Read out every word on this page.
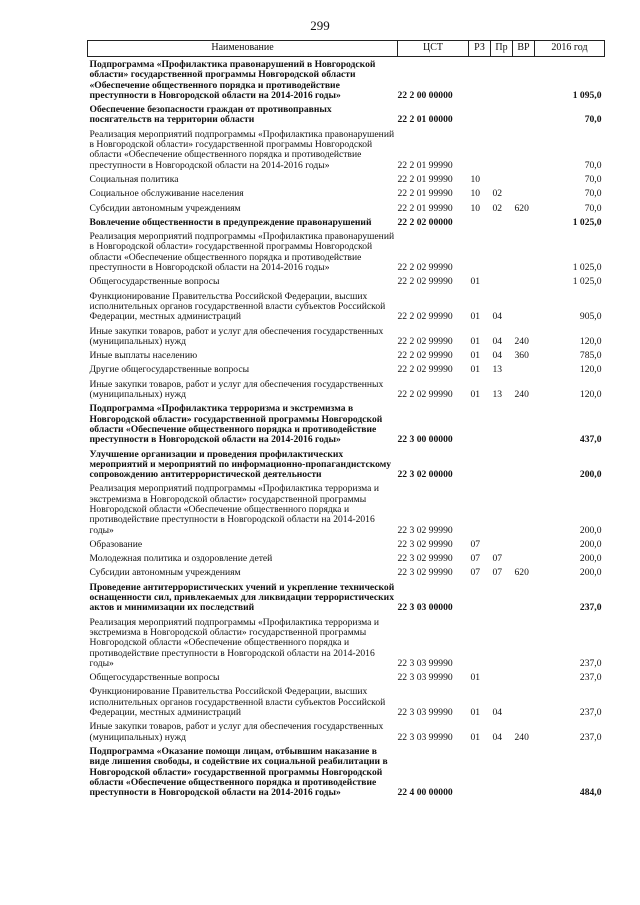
299
Наименование	ЦСТ	РЗ	Пр	ВР	2016 год
Подпрограмма «Профилактика правонарушений в Новгородской области» государственной программы Новгородской области «Обеспечение общественного порядка и противодействие преступности в Новгородской области на 2014-2016 годы»	22 2 00 00000				1 095,0
Обеспечение безопасности граждан от противоправных посягательств на территории области	22 2 01 00000				70,0
Реализация мероприятий подпрограммы «Профилактика правонарушений в Новгородской области» государственной программы Новгородской области «Обеспечение общественного порядка и противодействие преступности в Новгородской области на 2014-2016 годы»	22 2 01 99990				70,0
Социальная политика	22 2 01 99990	10			70,0
Социальное обслуживание населения	22 2 01 99990	10	02		70,0
Субсидии автономным учреждениям	22 2 01 99990	10	02	620	70,0
Вовлечение общественности в предупреждение правонарушений	22 2 02 00000				1 025,0
Реализация мероприятий подпрограммы «Профилактика правонарушений в Новгородской области» государственной программы Новгородской области «Обеспечение общественного порядка и противодействие преступности в Новгородской области на 2014-2016 годы»	22 2 02 99990				1 025,0
Общегосударственные вопросы	22 2 02 99990	01			1 025,0
Функционирование Правительства Российской Федерации, высших исполнительных органов государственной власти субъектов Российской Федерации, местных администраций	22 2 02 99990	01	04		905,0
Иные закупки товаров, работ и услуг для обеспечения государственных (муниципальных) нужд	22 2 02 99990	01	04	240	120,0
Иные выплаты населению	22 2 02 99990	01	04	360	785,0
Другие общегосударственные вопросы	22 2 02 99990	01	13		120,0
Иные закупки товаров, работ и услуг для обеспечения государственных (муниципальных) нужд	22 2 02 99990	01	13	240	120,0
Подпрограмма «Профилактика терроризма и экстремизма в Новгородской области» государственной программы Новгородской области «Обеспечение общественного порядка и противодействие преступности в Новгородской области на 2014-2016 годы»	22 3 00 00000				437,0
Улучшение организации и проведения профилактических мероприятий и мероприятий по информационно-пропагандистскому сопровождению антитеррористической деятельности	22 3 02 00000				200,0
Реализация мероприятий подпрограммы «Профилактика терроризма и экстремизма в Новгородской области» государственной программы Новгородской области «Обеспечение общественного порядка и противодействие преступности в Новгородской области на 2014-2016 годы»	22 3 02 99990				200,0
Образование	22 3 02 99990	07			200,0
Молодежная политика и оздоровление детей	22 3 02 99990	07	07		200,0
Субсидии автономным учреждениям	22 3 02 99990	07	07	620	200,0
Проведение антитеррористических учений и укрепление технической оснащенности сил, привлекаемых для ликвидации террористических актов и минимизации их последствий	22 3 03 00000				237,0
Реализация мероприятий подпрограммы «Профилактика терроризма и экстремизма в Новгородской области» государственной программы Новгородской области «Обеспечение общественного порядка и противодействие преступности в Новгородской области на 2014-2016 годы»	22 3 03 99990				237,0
Общегосударственные вопросы	22 3 03 99990	01			237,0
Функционирование Правительства Российской Федерации, высших исполнительных органов государственной власти субъектов Российской Федерации, местных администраций	22 3 03 99990	01	04		237,0
Иные закупки товаров, работ и услуг для обеспечения государственных (муниципальных) нужд	22 3 03 99990	01	04	240	237,0
Подпрограмма «Оказание помощи лицам, отбывшим наказание в виде лишения свободы, и содействие их социальной реабилитации в Новгородской области» государственной программы Новгородской области «Обеспечение общественного порядка и противодействие преступности в Новгородской области на 2014-2016 годы»	22 4 00 00000				484,0
